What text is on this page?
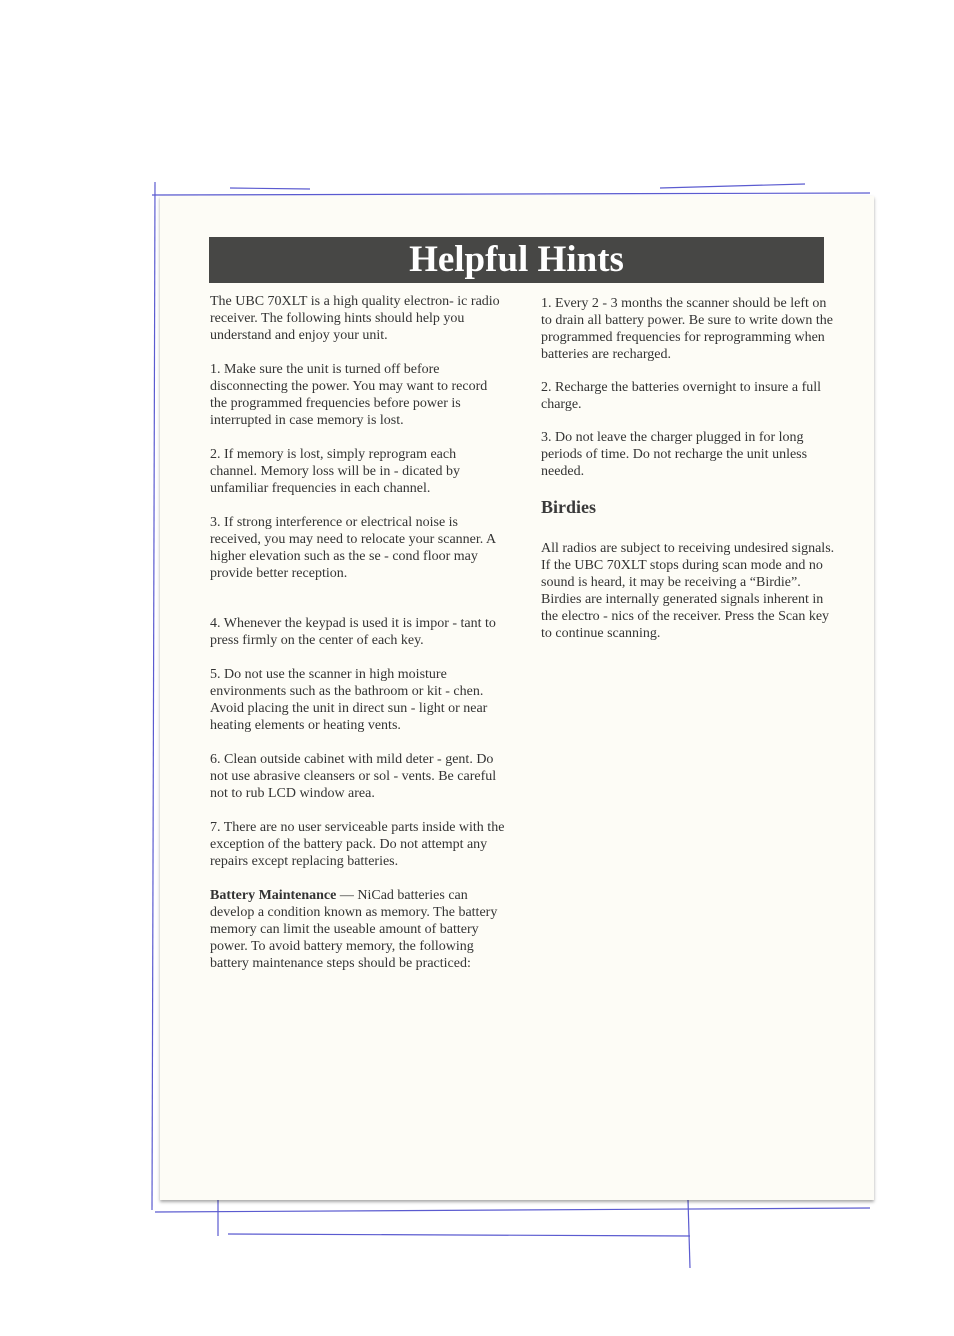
Helpful Hints

The UBC 70XLT is a high quality electron- ic radio receiver. The following hints should help you understand and enjoy your unit.

1. Make sure the unit is turned off before disconnecting the power. You may want to record the programmed frequencies before power is interrupted in case memory is lost.

2. If memory is lost, simply reprogram each channel. Memory loss will be in - dicated by unfamiliar frequencies in each channel.

3. If strong interference or electrical noise is received, you may need to relocate your scanner. A higher elevation such as the se - cond floor may provide better reception.

4. Whenever the keypad is used it is impor - tant to press firmly on the center of each key.

5. Do not use the scanner in high moisture environments such as the bathroom or kit - chen. Avoid placing the unit in direct sun - light or near heating elements or heating vents.

6. Clean outside cabinet with mild deter - gent. Do not use abrasive cleansers or sol - vents. Be careful not to rub LCD window area.

7. There are no user serviceable parts inside with the exception of the battery pack. Do not attempt any repairs except replacing batteries.

Battery Maintenance — NiCad batteries can develop a condition known as memory. The battery memory can limit the useable amount of battery power. To avoid battery memory, the following battery maintenance steps should be practiced:

1. Every 2 - 3 months the scanner should be left on to drain all battery power. Be sure to write down the programmed frequencies for reprogramming when batteries are recharged.

2. Recharge the batteries overnight to insure a full charge.

3. Do not leave the charger plugged in for long periods of time. Do not recharge the unit unless needed.

Birdies

All radios are subject to receiving undesired signals. If the UBC 70XLT stops during scan mode and no sound is heard, it may be receiving a “Birdie”. Birdies are internally generated signals inherent in the electro - nics of the receiver. Press the Scan key to continue scanning.
